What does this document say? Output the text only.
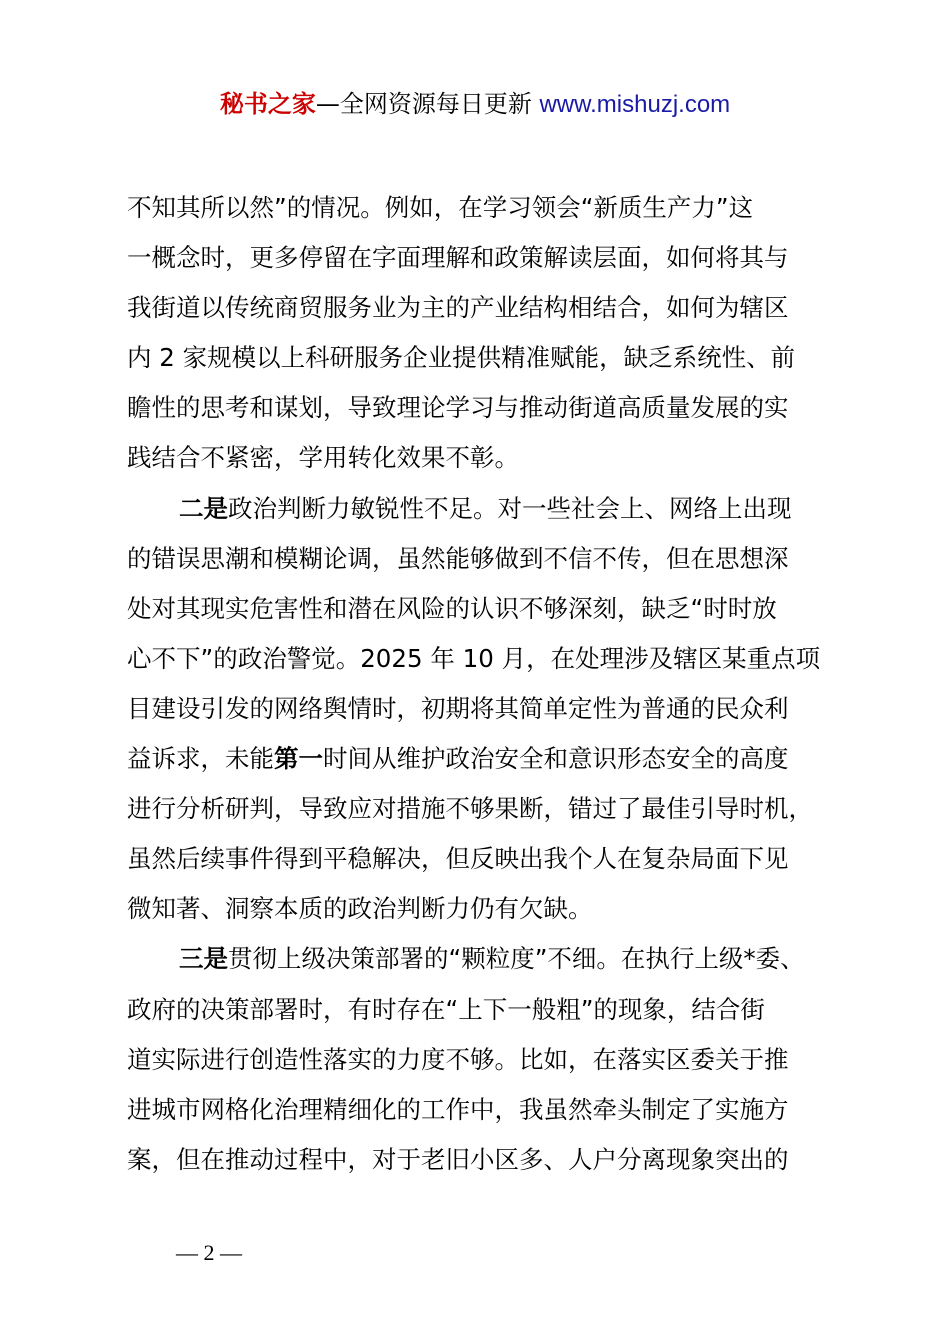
秘书之家—全网资源每日更新 www.mishuzj.com
不知其所以然”的情况。例如，在学习领会“新质生产力”这
一概念时，更多停留在字面理解和政策解读层面，如何将其与
我街道以传统商贸服务业为主的产业结构相结合，如何为辖区
内 2 家规模以上科研服务企业提供精准赋能，缺乏系统性、前
瞻性的思考和谋划，导致理论学习与推动街道高质量发展的实
践结合不紧密，学用转化效果不彰。
二是政治判断力敏锐性不足。对一些社会上、网络上出现
的错误思潮和模糊论调，虽然能够做到不信不传，但在思想深
处对其现实危害性和潜在风险的认识不够深刻，缺乏“时时放
心不下”的政治警觉。2025 年 10 月，在处理涉及辖区某重点项
目建设引发的网络舆情时，初期将其简单定性为普通的民众利
益诉求，未能第一时间从维护政治安全和意识形态安全的高度
进行分析研判，导致应对措施不够果断，错过了最佳引导时机，
虽然后续事件得到平稳解决，但反映出我个人在复杂局面下见
微知著、洞察本质的政治判断力仍有欠缺。
三是贯彻上级决策部署的“颗粒度”不细。在执行上级*委、
政府的决策部署时，有时存在“上下一般粗”的现象，结合街
道实际进行创造性落实的力度不够。比如，在落实区委关于推
进城市网格化治理精细化的工作中，我虽然牵头制定了实施方
案，但在推动过程中，对于老旧小区多、人户分离现象突出的
— 2 —
